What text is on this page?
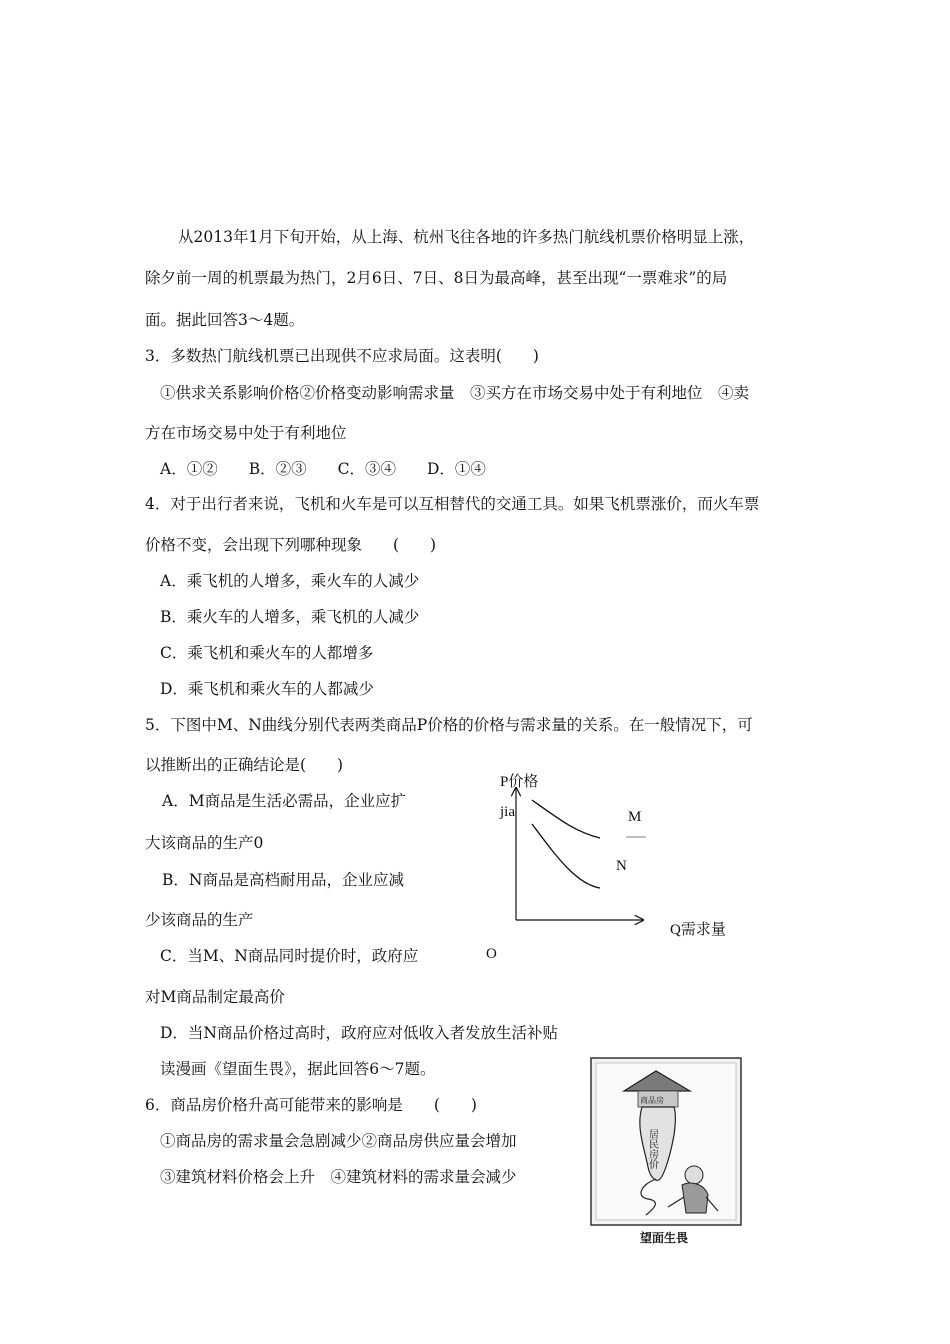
从2013年1月下旬开始，从上海、杭州飞往各地的许多热门航线机票价格明显上涨，
除夕前一周的机票最为热门，2月6日、7日、8日为最高峰，甚至出现“一票难求”的局
面。据此回答3～4题。
3．多数热门航线机票已出现供不应求局面。这表明(　　)
①供求关系影响价格②价格变动影响需求量　③买方在市场交易中处于有利地位　④卖
方在市场交易中处于有利地位
A．①②　　B．②③　　C．③④　　D．①④
4．对于出行者来说，飞机和火车是可以互相替代的交通工具。如果飞机票涨价，而火车票
价格不变，会出现下列哪种现象　　(　　)
A．乘飞机的人增多，乘火车的人减少
B．乘火车的人增多，乘飞机的人减少
C．乘飞机和乘火车的人都增多
D．乘飞机和乘火车的人都减少
5．下图中M、N曲线分别代表两类商品P价格的价格与需求量的关系。在一般情况下，可
以推断出的正确结论是(　　)
A．M商品是生活必需品，企业应扩
大该商品的生产0
B．N商品是高档耐用品，企业应减
少该商品的生产
C．当M、N商品同时提价时，政府应
对M商品制定最高价
D．当N商品价格过高时，政府应对低收入者发放生活补贴
P价格
jia	M
N
Q需求量
O
读漫画《望面生畏》，据此回答6～7题。
6．商品房价格升高可能带来的影响是　　(　　)
①商品房的需求量会急剧减少②商品房供应量会增加
③建筑材料价格会上升　④建筑材料的需求量会减少
商品房
居民房价
望面生畏
